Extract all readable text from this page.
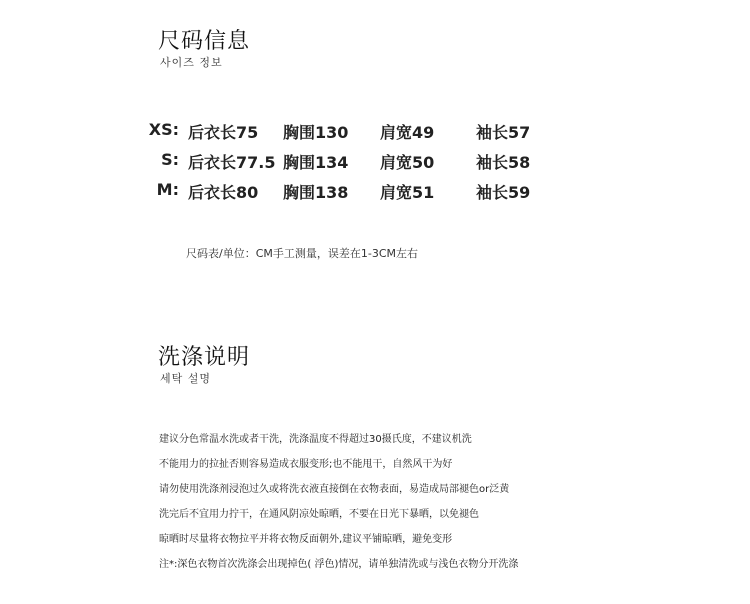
尺码信息
사이즈 정보
XS: 后衣长75 胸围130 肩宽49	袖长57
S: 后衣长77.5 胸围134 肩宽50	袖长58
M: 后衣长80 胸围138 肩宽51	袖长59
尺码表/单位：CM手工测量，误差在1-3CM左右
洗涤说明
세탁 설명
建议分色常温水洗或者干洗，洗涤温度不得超过30摄氏度，不建议机洗
不能用力的拉扯否则容易造成衣服变形;也不能甩干，自然风干为好
请勿使用洗涤剂浸泡过久或将洗衣液直接倒在衣物表面，易造成局部褪色or泛黄
洗完后不宜用力拧干，在通风阴凉处晾晒，不要在日光下暴晒，以免褪色
晾晒时尽量将衣物拉平并将衣物反面朝外,建议平铺晾晒，避免变形
注*:深色衣物首次洗涤会出现掉色( 浮色)情况，请单独清洗或与浅色衣物分开洗涤
